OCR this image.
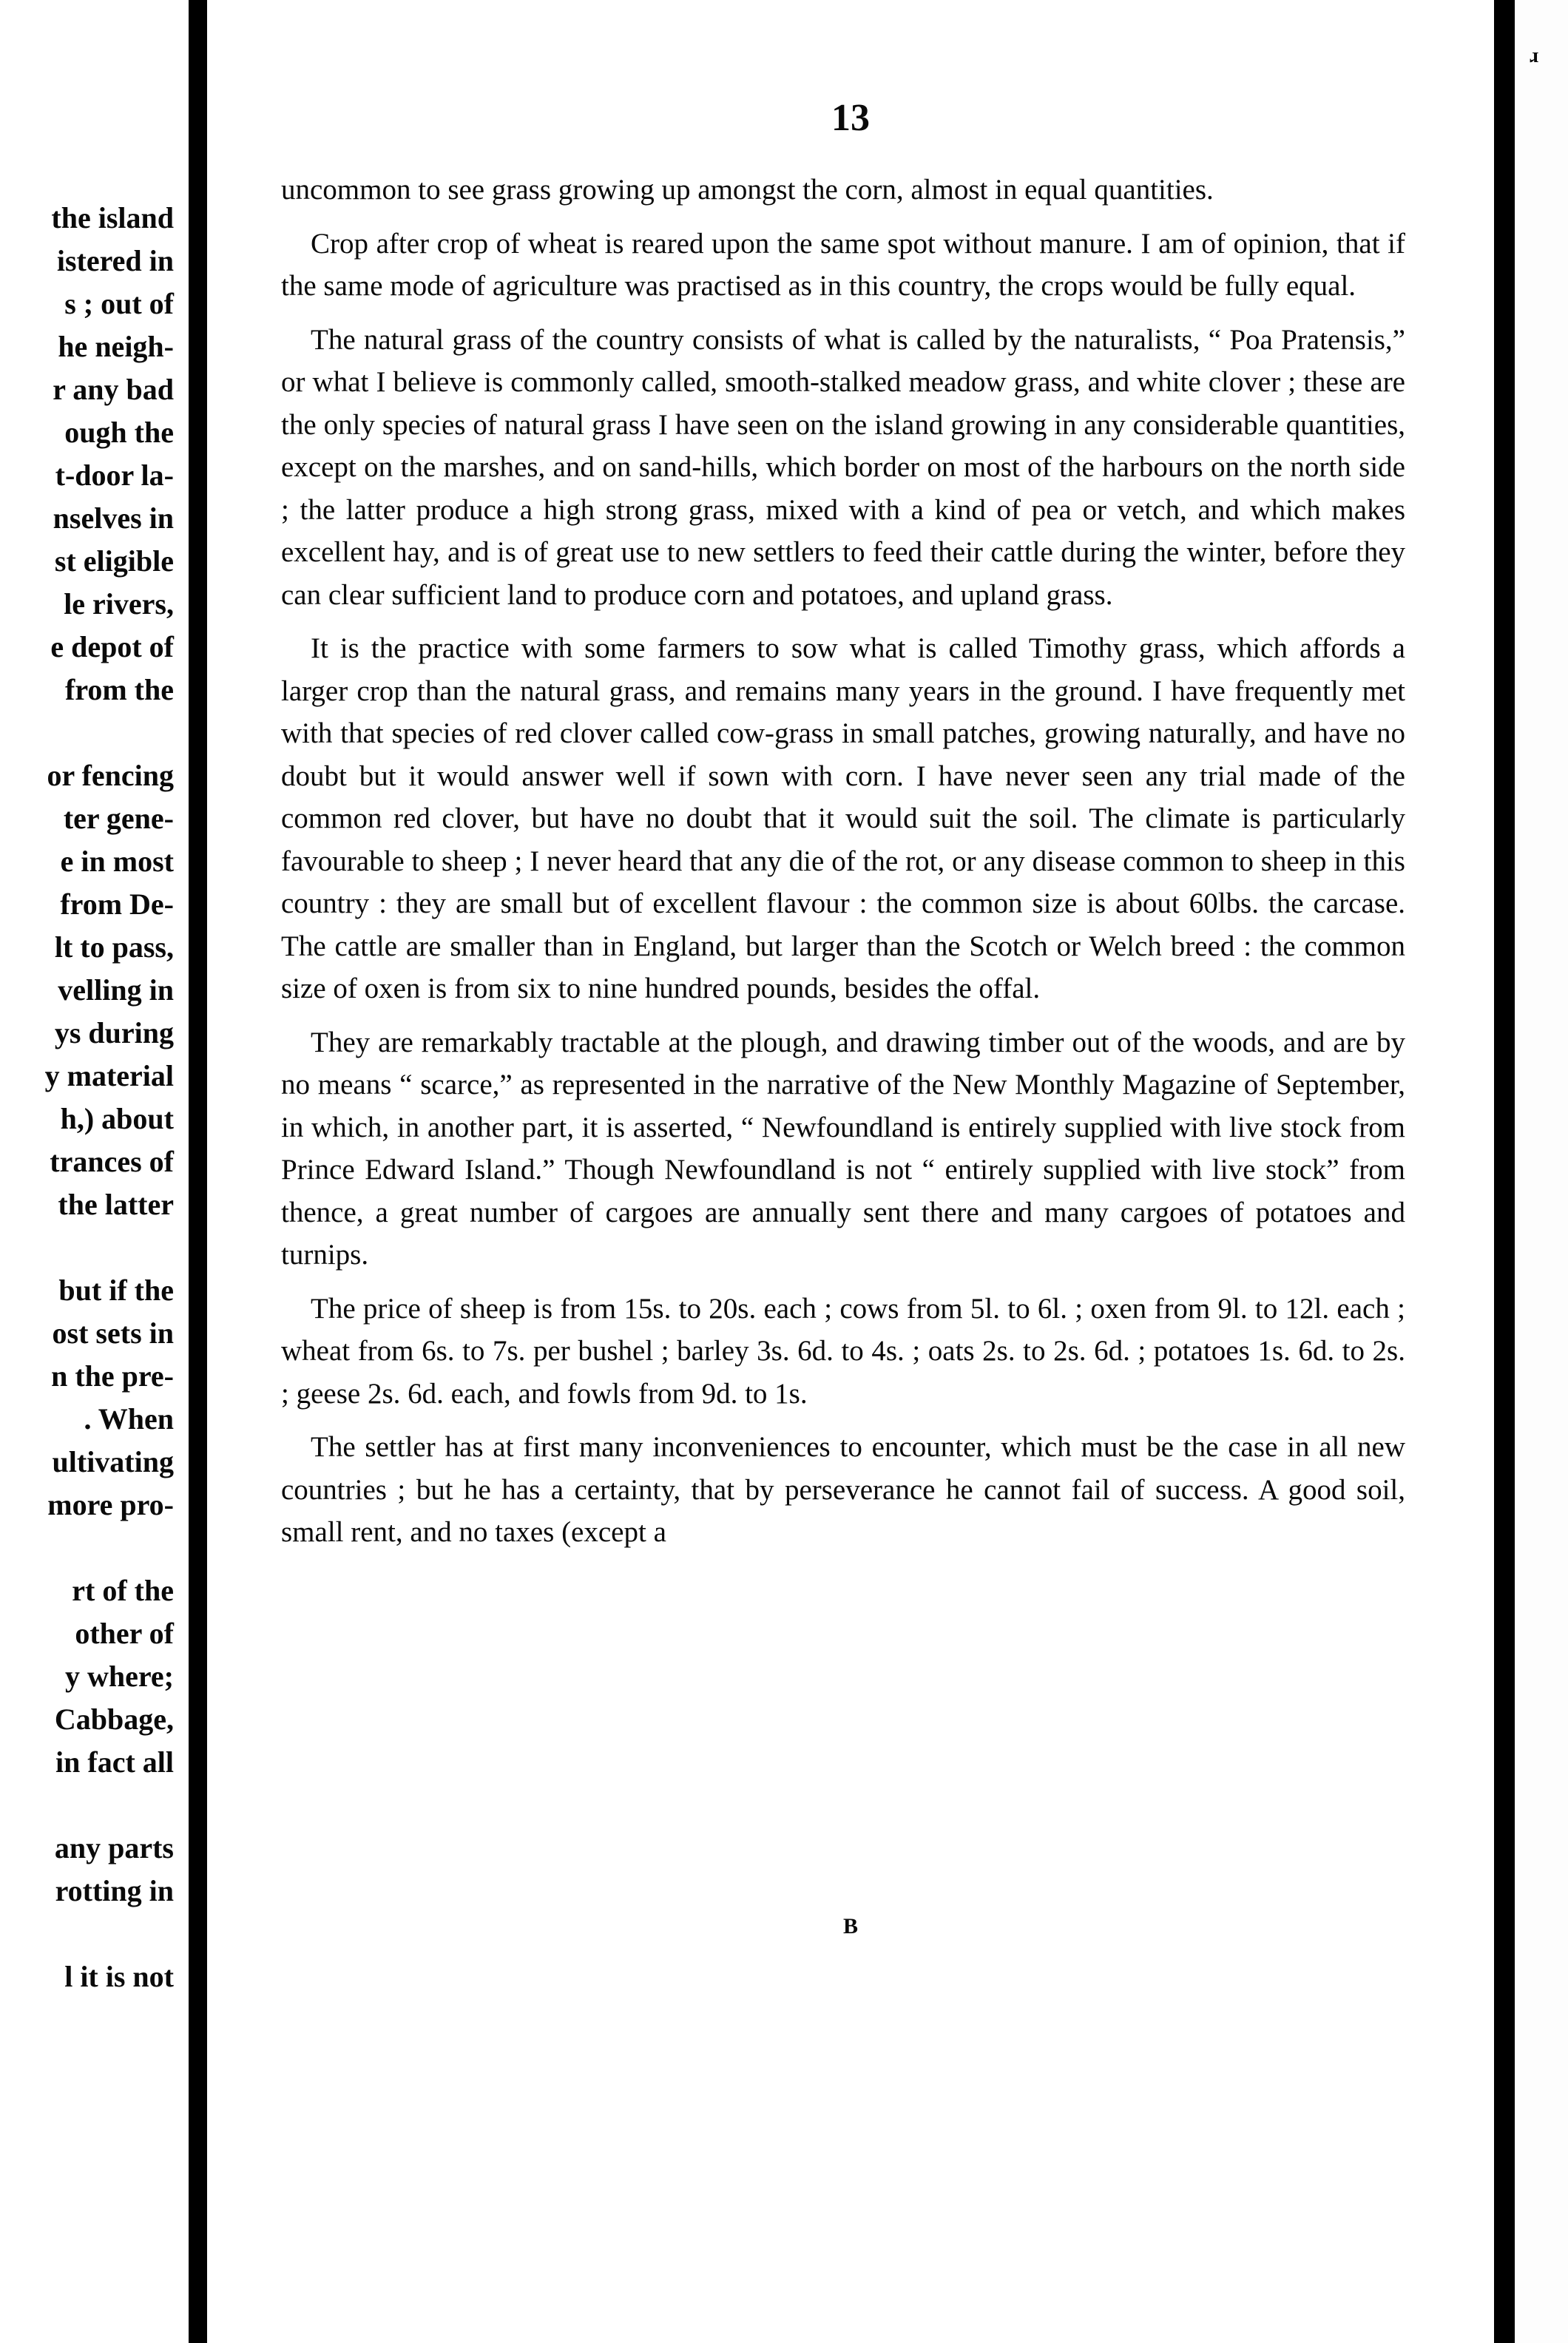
the island
istered in
s ; out of
he neigh-
r any bad
ough the
t-door la-
nselves in
st eligible
le rivers,
e depot of
from the
or fencing
ter gene-
e in most
from De-
lt to pass,
velling in
ys during
y material
h,) about
trances of
the latter
but if the
ost sets in
n the pre-
. When
ultivating
more pro-
rt of the
other of
y where;
Cabbage,
in fact all
any parts
rotting in
l it is not
13

uncommon to see grass growing up amongst the corn, almost in equal quantities.

Crop after crop of wheat is reared upon the same spot without manure. I am of opinion, that if the same mode of agriculture was practised as in this country, the crops would be fully equal.

The natural grass of the country consists of what is called by the naturalists, “ Poa Pratensis,” or what I believe is commonly called, smooth-stalked meadow grass, and white clover ; these are the only species of natural grass I have seen on the island growing in any considerable quantities, except on the marshes, and on sand-hills, which border on most of the harbours on the north side ; the latter produce a high strong grass, mixed with a kind of pea or vetch, and which makes excellent hay, and is of great use to new settlers to feed their cattle during the winter, before they can clear sufficient land to produce corn and potatoes, and upland grass.

It is the practice with some farmers to sow what is called Timothy grass, which affords a larger crop than the natural grass, and remains many years in the ground. I have frequently met with that species of red clover called cow-grass in small patches, growing naturally, and have no doubt but it would answer well if sown with corn. I have never seen any trial made of the common red clover, but have no doubt that it would suit the soil. The climate is particularly favourable to sheep ; I never heard that any die of the rot, or any disease common to sheep in this country : they are small but of excellent flavour : the common size is about 60lbs. the carcase. The cattle are smaller than in England, but larger than the Scotch or Welch breed : the common size of oxen is from six to nine hundred pounds, besides the offal.

They are remarkably tractable at the plough, and drawing timber out of the woods, and are by no means “ scarce,” as represented in the narrative of the New Monthly Magazine of September, in which, in another part, it is asserted, “ Newfoundland is entirely supplied with live stock from Prince Edward Island.” Though Newfoundland is not “ entirely supplied with live stock” from thence, a great number of cargoes are annually sent there and many cargoes of potatoes and turnips.

The price of sheep is from 15s. to 20s. each ; cows from 5l. to 6l. ; oxen from 9l. to 12l. each ; wheat from 6s. to 7s. per bushel ; barley 3s. 6d. to 4s. ; oats 2s. to 2s. 6d. ; potatoes 1s. 6d. to 2s. ; geese 2s. 6d. each, and fowls from 9d. to 1s.

The settler has at first many inconveniences to encounter, which must be the case in all new countries ; but he has a certainty, that by perseverance he cannot fail of success. A good soil, small rent, and no taxes (except a

B
ɹ
